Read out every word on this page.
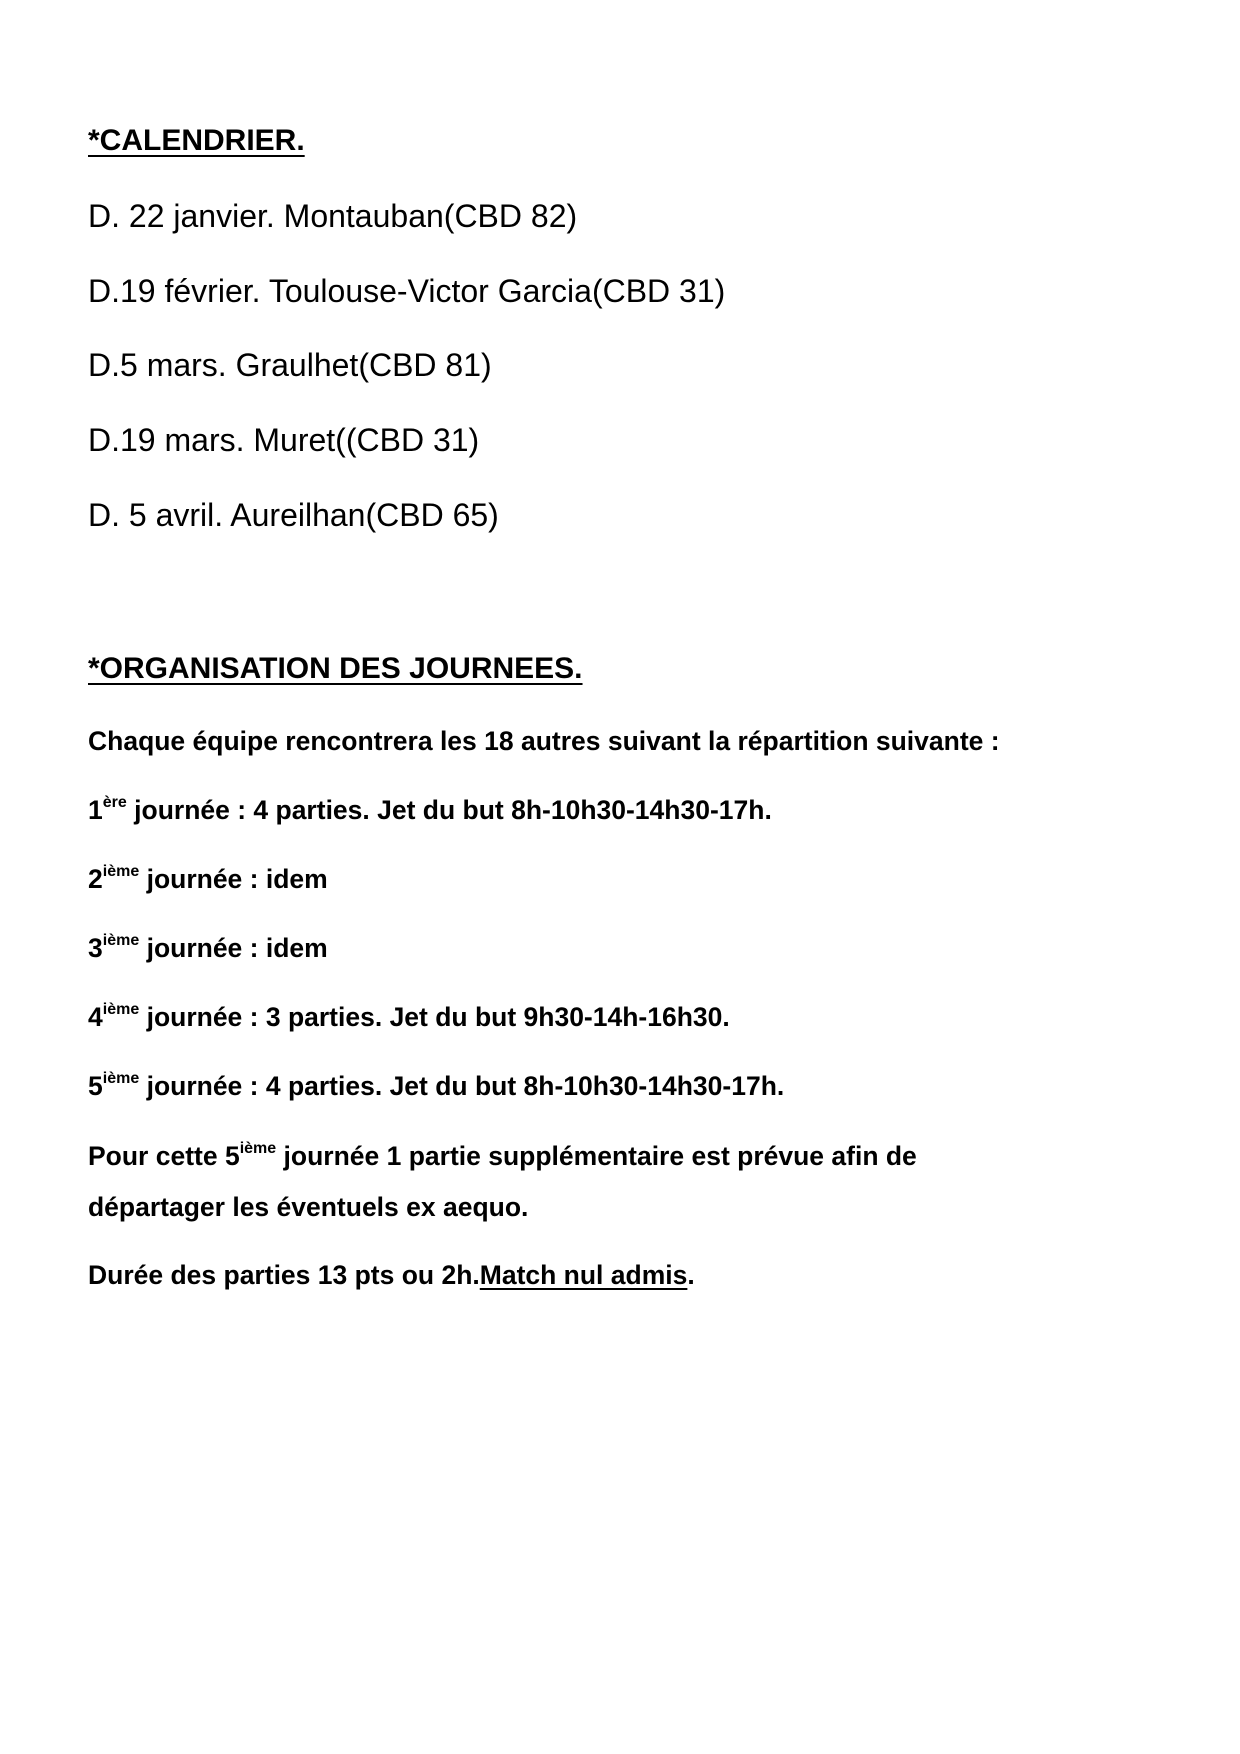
*CALENDRIER.
D. 22 janvier. Montauban(CBD 82)
D.19 février. Toulouse-Victor Garcia(CBD 31)
D.5 mars. Graulhet(CBD 81)
D.19 mars. Muret((CBD 31)
D. 5 avril. Aureilhan(CBD 65)
*ORGANISATION DES JOURNEES.
Chaque équipe rencontrera les 18 autres suivant la répartition suivante :
1ère journée : 4 parties. Jet du but 8h-10h30-14h30-17h.
2ième journée : idem
3ième journée : idem
4ième journée : 3 parties. Jet du but 9h30-14h-16h30.
5ième journée : 4 parties. Jet du but 8h-10h30-14h30-17h.
Pour cette 5ième journée 1 partie supplémentaire est prévue afin de
départager les éventuels ex aequo.
Durée des parties 13 pts ou 2h.Match nul admis.
